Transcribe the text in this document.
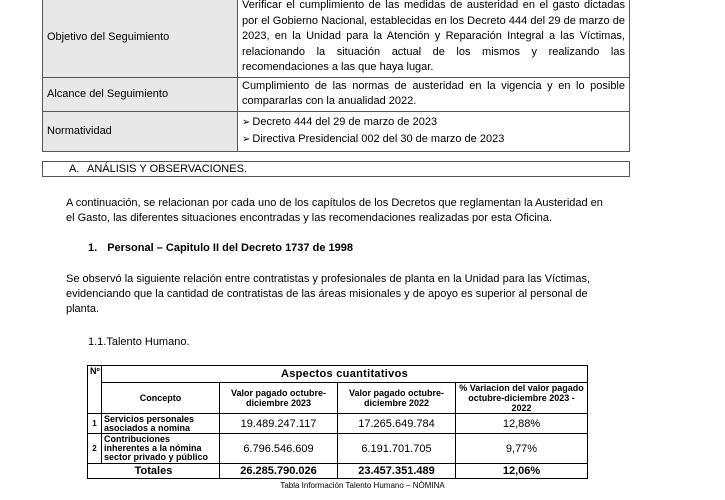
Objetivo del Seguimiento	Verificar el cumplimiento de las medidas de austeridad en el gasto dictadas por el Gobierno Nacional, establecidas en los Decreto 444 del 29 de marzo de 2023, en la Unidad para la Atención y Reparación Integral a las Víctimas, relacionando la situación actual de los mismos y realizando las recomendaciones a las que haya lugar.
Alcance del Seguimiento	Cumplimiento de las normas de austeridad en la vigencia y en lo posible compararlas con la anualidad 2022.
Normatividad	➢ Decreto 444 del 29 de marzo de 2023
➢ Directiva Presidencial 002 del 30 de marzo de 2023
A. ANÁLISIS Y OBSERVACIONES.

A continuación, se relacionan por cada uno de los capítulos de los Decretos que reglamentan la Austeridad en el Gasto, las diferentes situaciones encontradas y las recomendaciones realizadas por esta Oficina.

1. Personal – Capitulo II del Decreto 1737 de 1998

Se observó la siguiente relación entre contratistas y profesionales de planta en la Unidad para las Víctimas, evidenciando que la cantidad de contratistas de las áreas misionales y de apoyo es superior al personal de planta.

1.1.Talento Humano.
Nº	Aspectos cuantitativos			
	Concepto	Valor pagado octubre-diciembre 2023	Valor pagado octubre-diciembre 2022	% Variacion del valor pagado octubre-diciembre 2023 - 2022
1	Servicios personales asociados a nomina	19.489.247.117	17.265.649.784	12,88%
2	Contribuciones inherentes a la nómina sector privado y público	6.796.546.609	6.191.701.705	9,77%
Totales		26.285.790.026	23.457.351.489	12,06%
Tabla Información Talento Humano – NÓMINA
